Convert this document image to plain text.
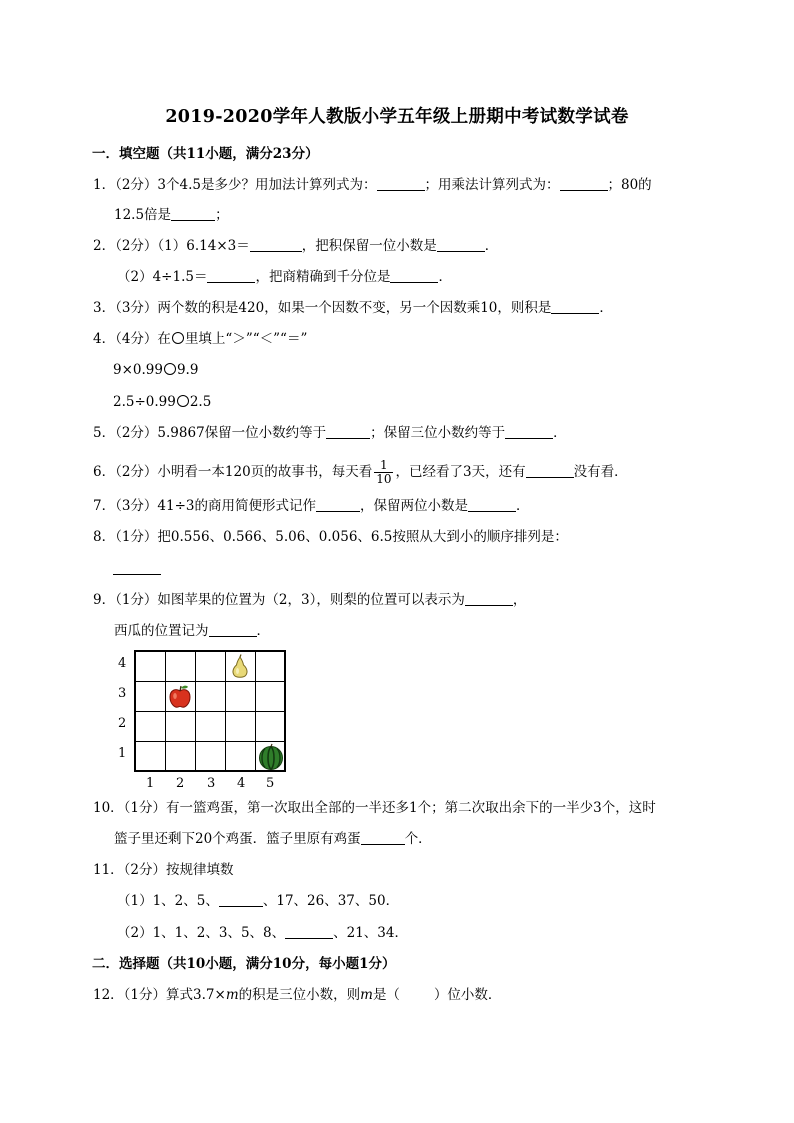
2019-2020学年人教版小学五年级上册期中考试数学试卷
一．填空题（共11小题，满分23分）
1．（2分）3个4.5是多少？用加法计算列式为：	；用乘法计算列式为：	；80的
12.5倍是	；
2．（2分）（1）6.14×3＝	，把积保留一位小数是	．
（2）4÷1.5＝	，把商精确到千分位是	．
3．（3分）两个数的积是420，如果一个因数不变，另一个因数乘10，则积是	．
4．（4分）在 里填上“＞”“＜”“＝”
9×0.99 9.9
2.5÷0.99 2.5
5．（2分）5.9867保留一位小数约等于	；保留三位小数约等于	．
6．（2分）小明看一本120页的故事书，每天看 $\frac{1}{10}$ ，已经看了3天，还有	没有看．
7．（3分）41÷3的商用简便形式记作	，保留两位小数是	．
8．（1分）把0.556、0.566、5.06、0.056、6.5按照从大到小的顺序排列是：
9．（1分）如图苹果的位置为（2，3），则梨的位置可以表示为	，
西瓜的位置记为	．
4
3
2
1
1 2 3 4 5
10．（1分）有一篮鸡蛋，第一次取出全部的一半还多1个；第二次取出余下的一半少3个，这时
篮子里还剩下20个鸡蛋．篮子里原有鸡蛋	个．
11．（2分）按规律填数
（1）1、2、5、	、17、26、37、50．
（2）1、1、2、3、5、8、	、21、34．
二．选择题（共10小题，满分10分，每小题1分）
12．（1分）算式3.7×m的积是三位小数，则m是（	）位小数．
